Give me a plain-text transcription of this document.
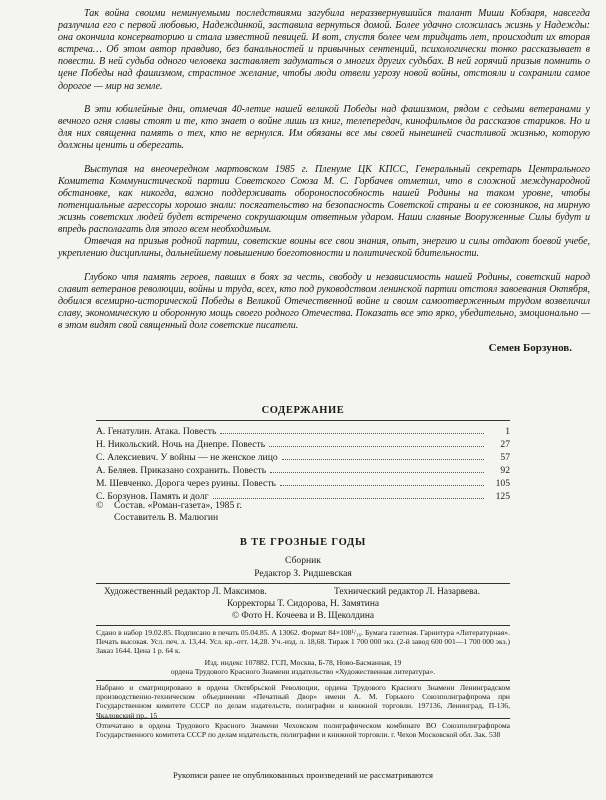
Так война своими неминуемыми последствиями загубила нераззвернувшийся талант Миши Кобзаря, навсегда разлучила его с первой любовью, Надеждинкой, заставила вернуться домой. Более удачно сложилась жизнь у Надежды: она окончила консерваторию и стала известной певицей. И вот, спустя более чем тридцать лет, происходит их вторая встреча… Об этом автор правдиво, без банальностей и привычных сентенций, психологически тонко рассказывает в повести. В ней судьба одного человека заставляет задуматься о многих других судьбах. В ней горячий призыв помнить о цене Победы над фашизмом, страстное желание, чтобы люди отвели угрозу новой войны, отстояли и сохранили самое дорогое — мир на земле.

В эти юбилейные дни, отмечая 40-летие нашей великой Победы над фашизмом, рядом с седыми ветеранами у вечного огня славы стоят и те, кто знает о войне лишь из книг, телепередач, кинофильмов да рассказов стариков. Но и для них священна память о тех, кто не вернулся. Им обязаны все мы своей нынешней счастливой жизнью, которую должны ценить и оберегать.

Выступая на внеочередном мартовском 1985 г. Пленуме ЦК КПСС, Генеральный секретарь Центрального Комитета Коммунистической партии Советского Союза М. С. Горбачев отметил, что в сложной международной обстановке, как никогда, важно поддерживать обороноспособность нашей Родины на таком уровне, чтобы потенциальные агрессоры хорошо знали: посягательство на безопасность Советской страны и ее союзников, на мирную жизнь советских людей будет встречено сокрушающим ответным ударом. Наши славные Вооруженные Силы будут и впредь располагать для этого всем необходимым.

Отвечая на призыв родной партии, советские воины все свои знания, опыт, энергию и силы отдают боевой учебе, укреплению дисциплины, дальнейшему повышению боеготовности и политической бдительности.

Глубоко чтя память героев, павших в боях за честь, свободу и независимость нашей Родины, советский народ славит ветеранов революции, войны и труда, всех, кто под руководством ленинской партии отстоял завоевания Октября, добился всемирно-исторической Победы в Великой Отечественной войне и своим самоотверженным трудом возвеличил славу, экономическую и оборонную мощь своего родного Отечества. Показать все это ярко, убедительно, эмоционально — в этом видят свой священный долг советские писатели.

Семен Борзунов.

СОДЕРЖАНИЕ
А. Генатулин. Атака. Повесть	1
Н. Никольский. Ночь на Днепре. Повесть	27
С. Алексиевич. У войны — не женское лицо	57
А. Беляев. Приказано сохранить. Повесть	92
М. Шевченко. Дорога через руины. Повесть	105
С. Борзунов. Память и долг	125
© Состав. «Роман-газета», 1985 г.
Составитель В. Малюгин
В ТЕ ГРОЗНЫЕ ГОДЫ
Сборник
Редактор З. Ридшевская
Художественный редактор Л. Максимов.	Технический редактор Л. Назарвева.
Корректоры Т. Сидорова, Н. Замятина
© Фото Н. Кочеева и В. Щеколдина

Сдано в набор 19.02.85. Подписано в печать 05.04.85. А 13062. Формат 84×108¹/₁₆. Бумага газетная. Гарнитура «Литературная». Печать высокая. Усл. печ. л. 13,44. Усл. кр.-отт. 14,28. Уч.-изд. л. 18,68. Тираж 1 700 000 экз. (2-й завод 600 001—1 700 000 экз.) Заказ 1644. Цена 1 р. 64 к.

Изд. индекс 107882. ГСП, Москва, Б-78, Ново-Басманная, 19

ордена Трудового Красного Знамени издательство «Художественная литература».

Набрано и сматрицировано в ордена Октябрьской Революции, ордена Трудового Красного Знамени Ленинградском производственно-техническом объединении «Печатный Двор» имени А. М. Горького Союзполиграфпрома при Государственном комитете СССР по делам издательств, полиграфии и книжной торговли. 197136, Ленинград, П-136, Чкаловский пр., 15

Отпечатано в ордена Трудового Красного Знамени Чеховском полиграфическом комбинате ВО Союзполиграфпрома Государственного комитета СССР по делам издательств, полиграфии и книжной торговли. г. Чехов Московской обл. Зак. 538

Рукописи ранее не опубликованных произведений не рассматриваются
